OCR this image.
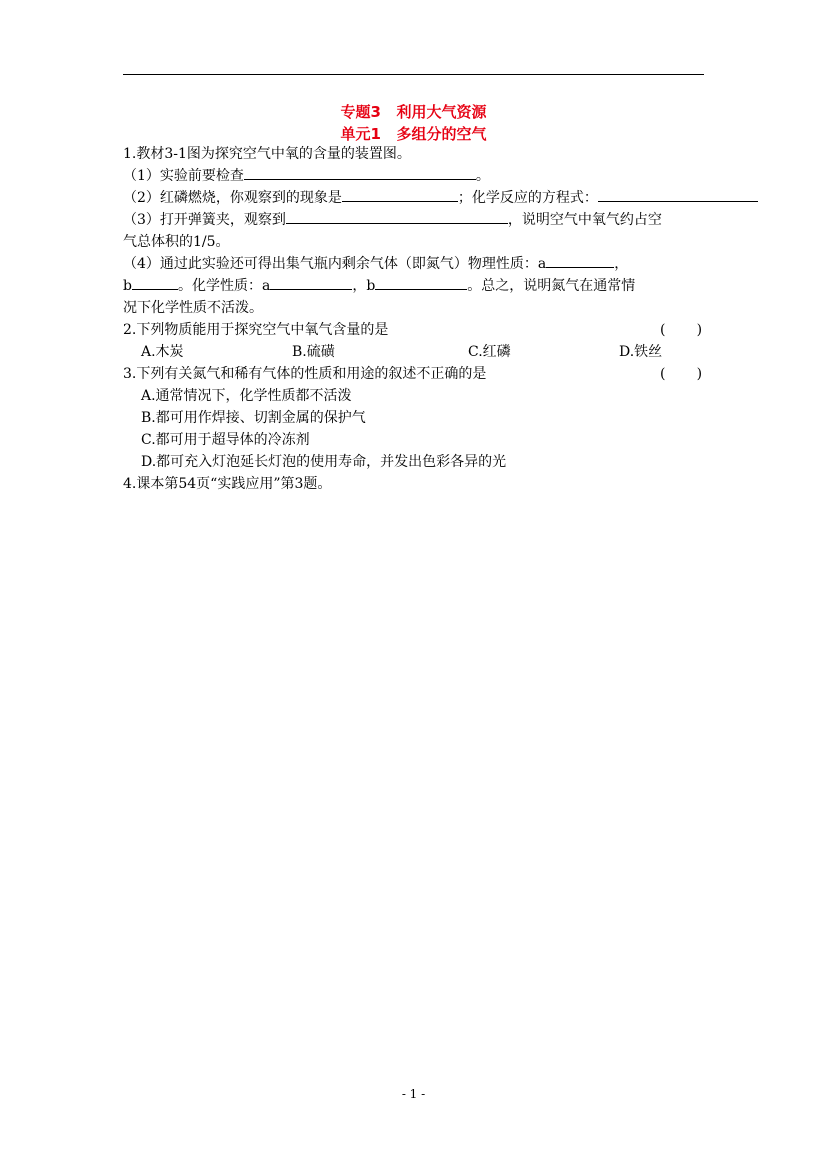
专题3   利用大气资源
单元1   多组分的空气
1.教材3-1图为探究空气中氧的含量的装置图。
（1）实验前要检查	。
（2）红磷燃烧，你观察到的现象是	；化学反应的方程式：
（3）打开弹簧夹，观察到	，说明空气中氧气约占空
气总体积的1/5。
（4）通过此实验还可得出集气瓶内剩余气体（即氮气）物理性质：a	，
b	。化学性质：a	，b	。总之，说明氮气在通常情
况下化学性质不活泼。
2.下列物质能用于探究空气中氧气含量的是	(       )
A.木炭	B.硫磺	C.红磷	D.铁丝
3.下列有关氮气和稀有气体的性质和用途的叙述不正确的是	(       )
A.通常情况下，化学性质都不活泼
B.都可用作焊接、切割金属的保护气
C.都可用于超导体的冷冻剂
D.都可充入灯泡延长灯泡的使用寿命，并发出色彩各异的光
4.课本第54页“实践应用”第3题。
- 1 -
